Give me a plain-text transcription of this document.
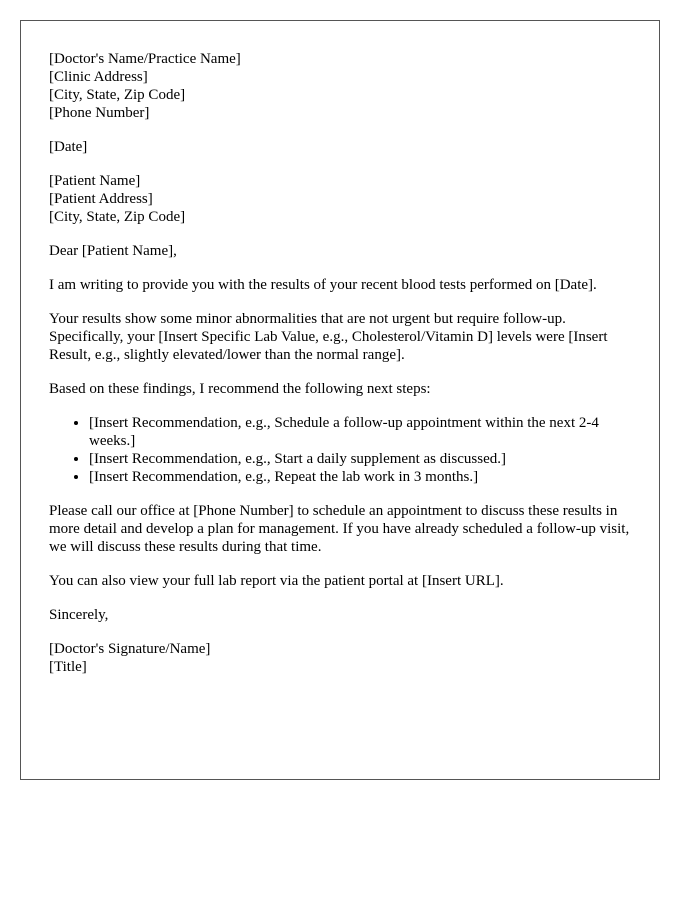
[Doctor's Name/Practice Name]
[Clinic Address]
[City, State, Zip Code]
[Phone Number]
[Date]
[Patient Name]
[Patient Address]
[City, State, Zip Code]

Dear [Patient Name],

I am writing to provide you with the results of your recent blood tests performed on [Date].

Your results show some minor abnormalities that are not urgent but require follow-up. Specifically, your [Insert Specific Lab Value, e.g., Cholesterol/Vitamin D] levels were [Insert Result, e.g., slightly elevated/lower than the normal range].

Based on these findings, I recommend the following next steps:

• [Insert Recommendation, e.g., Schedule a follow-up appointment within the next 2-4 weeks.]
• [Insert Recommendation, e.g., Start a daily supplement as discussed.]
• [Insert Recommendation, e.g., Repeat the lab work in 3 months.]

Please call our office at [Phone Number] to schedule an appointment to discuss these results in more detail and develop a plan for management. If you have already scheduled a follow-up visit, we will discuss these results during that time.

You can also view your full lab report via the patient portal at [Insert URL].

Sincerely,

[Doctor's Signature/Name]
[Title]
